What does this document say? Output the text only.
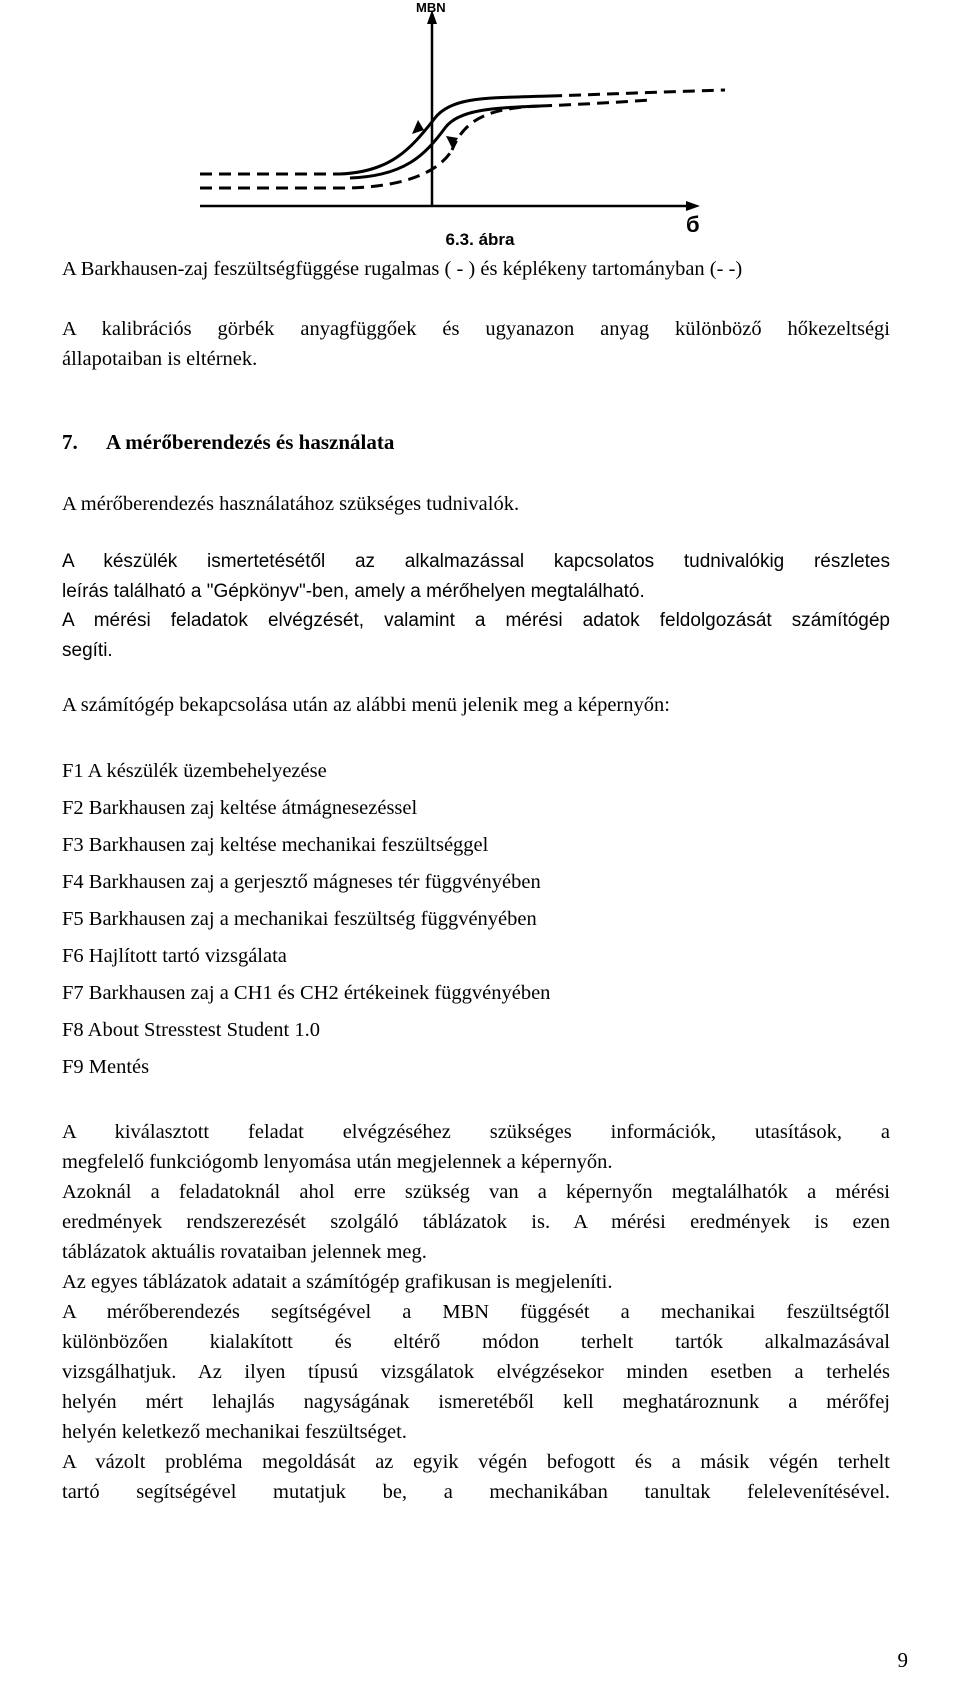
MBN
б
6.3. ábra
A Barkhausen-zaj feszültségfüggése rugalmas ( - ) és képlékeny tartományban (- -)
A kalibrációs görbék anyagfüggőek és ugyanazon anyag különböző hőkezeltségi
állapotaiban is eltérnek.
7. A mérőberendezés és használata
A mérőberendezés használatához szükséges tudnivalók.
A készülék ismertetésétől az alkalmazással kapcsolatos tudnivalókig részletes
leírás található a "Gépkönyv"-ben, amely a mérőhelyen megtalálható.
A mérési feladatok elvégzését, valamint a mérési adatok feldolgozását számítógép
segíti.
A számítógép bekapcsolása után az alábbi menü jelenik meg a képernyőn:
F1 A készülék üzembehelyezése
F2 Barkhausen zaj keltése átmágnesezéssel
F3 Barkhausen zaj keltése mechanikai feszültséggel
F4 Barkhausen zaj a gerjesztő mágneses tér függvényében
F5 Barkhausen zaj a mechanikai feszültség függvényében
F6 Hajlított tartó vizsgálata
F7 Barkhausen zaj a CH1 és CH2 értékeinek függvényében
F8 About Stresstest Student 1.0
F9 Mentés
A kiválasztott feladat elvégzéséhez szükséges információk, utasítások, a
megfelelő funkciógomb lenyomása után megjelennek a képernyőn.
Azoknál a feladatoknál ahol erre szükség van a képernyőn megtalálhatók a mérési
eredmények rendszerezését szolgáló táblázatok is. A mérési eredmények is ezen
táblázatok aktuális rovataiban jelennek meg.
Az egyes táblázatok adatait a számítógép grafikusan is megjeleníti.
A mérőberendezés segítségével a MBN függését a mechanikai feszültségtől
különbözően kialakított és eltérő módon terhelt tartók alkalmazásával
vizsgálhatjuk. Az ilyen típusú vizsgálatok elvégzésekor minden esetben a terhelés
helyén mért lehajlás nagyságának ismeretéből kell meghatároznunk a mérőfej
helyén keletkező mechanikai feszültséget.
A vázolt probléma megoldását az egyik végén befogott és a másik végén terhelt
tartó segítségével mutatjuk be, a mechanikában tanultak felelevenítésével.
9
